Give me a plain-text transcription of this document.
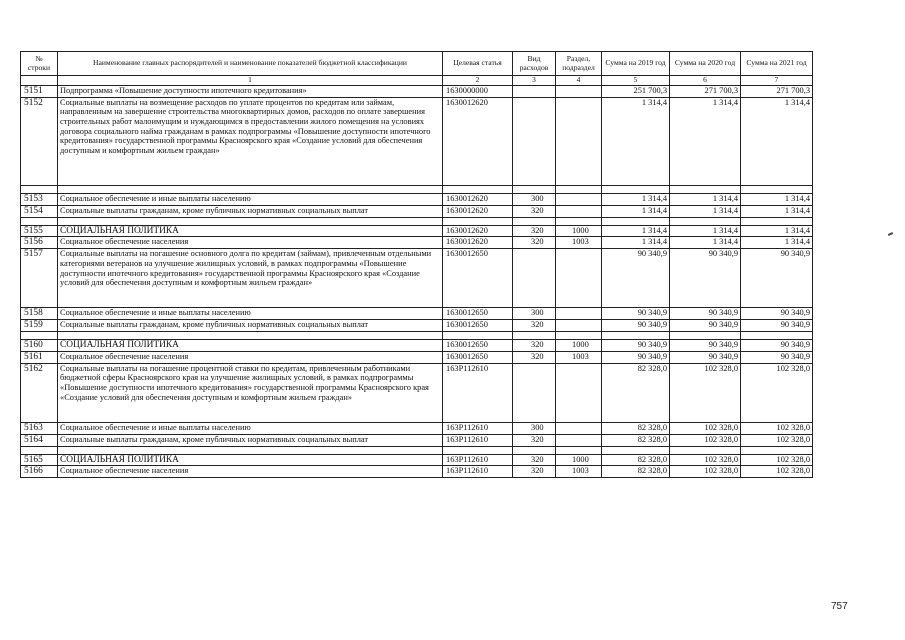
№
строки	Наименование главных распорядителей и наименование показателей бюджетной классификации	Целевая статья	Вид расходов	Раздел, подраздел	Сумма на 2019 год	Сумма на 2020 год	Сумма на 2021 год
	1	2	3	4	5	6	7
5151	Подпрограмма «Повышение доступности ипотечного кредитования»	1630000000			251 700,3	271 700,3	271 700,3
5152	Социальные выплаты на возмещение расходов по уплате процентов по кредитам или займам, направленным на завершение строительства многоквартирных домов, расходов по оплате завершения строительных работ малоимущим и нуждающимся в предоставлении жилого помещения на условиях договора социального найма гражданам в рамках подпрограммы «Повышение доступности ипотечного кредитования» государственной программы Красноярского края «Создание условий для обеспечения доступным и комфортным жильем граждан»	1630012620			1 314,4	1 314,4	1 314,4

5153	Социальное обеспечение и иные выплаты населению	1630012620	300		1 314,4	1 314,4	1 314,4
5154	Социальные выплаты гражданам, кроме публичных нормативных социальных выплат	1630012620	320		1 314,4	1 314,4	1 314,4

5155	СОЦИАЛЬНАЯ ПОЛИТИКА	1630012620	320	1000	1 314,4	1 314,4	1 314,4
5156	Социальное обеспечение населения	1630012620	320	1003	1 314,4	1 314,4	1 314,4
5157	Социальные выплаты на погашение основного долга по кредитам (займам), привлеченным отдельными категориями ветеранов на улучшение жилищных условий, в рамках подпрограммы «Повышение доступности ипотечного кредитования» государственной программы Красноярского края «Создание условий для обеспечения доступным и комфортным жильем граждан»	1630012650			90 340,9	90 340,9	90 340,9
5158	Социальное обеспечение и иные выплаты населению	1630012650	300		90 340,9	90 340,9	90 340,9
5159	Социальные выплаты гражданам, кроме публичных нормативных социальных выплат	1630012650	320		90 340,9	90 340,9	90 340,9

5160	СОЦИАЛЬНАЯ ПОЛИТИКА	1630012650	320	1000	90 340,9	90 340,9	90 340,9
5161	Социальное обеспечение населения	1630012650	320	1003	90 340,9	90 340,9	90 340,9
5162	Социальные выплаты на погашение процентной ставки по кредитам, привлеченным работниками бюджетной сферы Красноярского края на улучшение жилищных условий, в рамках подпрограммы «Повышение доступности ипотечного кредитования» государственной программы Красноярского края «Создание условий для обеспечения доступным и комфортным жильем граждан»	163P112610			82 328,0	102 328,0	102 328,0
5163	Социальное обеспечение и иные выплаты населению	163P112610	300		82 328,0	102 328,0	102 328,0
5164	Социальные выплаты гражданам, кроме публичных нормативных социальных выплат	163P112610	320		82 328,0	102 328,0	102 328,0

5165	СОЦИАЛЬНАЯ ПОЛИТИКА	163P112610	320	1000	82 328,0	102 328,0	102 328,0
5166	Социальное обеспечение населения	163P112610	320	1003	82 328,0	102 328,0	102 328,0
757
